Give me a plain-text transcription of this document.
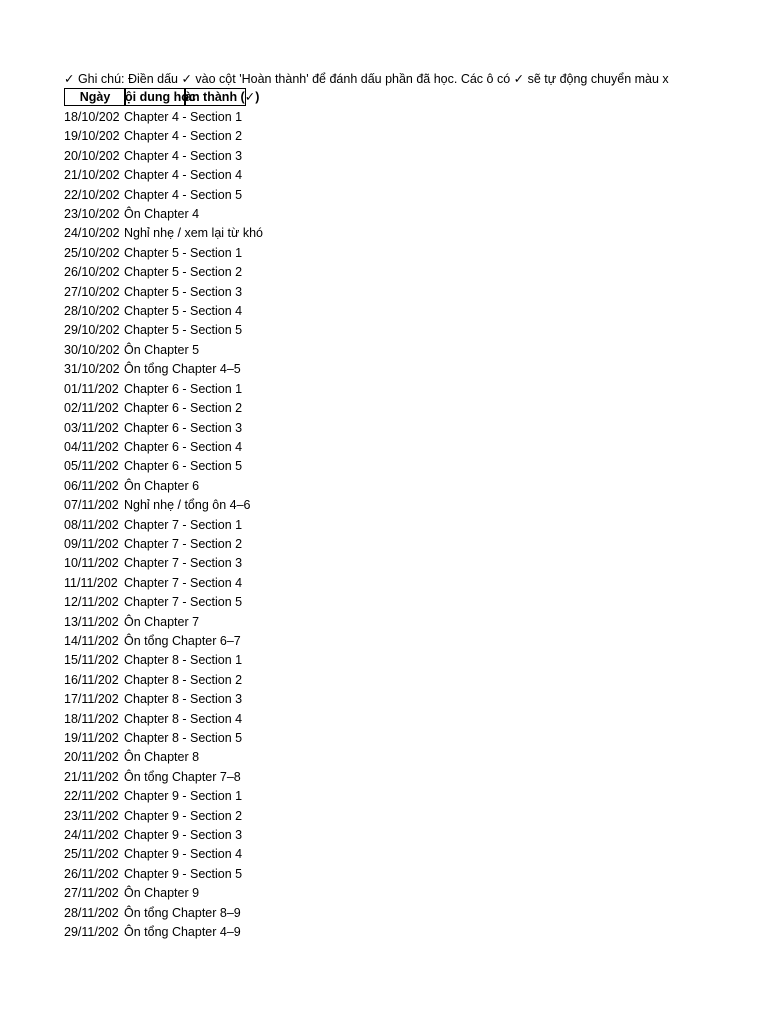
✓ Ghi chú: Điền dấu ✓ vào cột 'Hoàn thành' để đánh dấu phần đã học. Các ô có ✓ sẽ tự động chuyển màu x
Ngày	ội dung học
àn thành (✓)
18/10/202 Chapter 4 - Section 1
19/10/202 Chapter 4 - Section 2
20/10/202 Chapter 4 - Section 3
21/10/202 Chapter 4 - Section 4
22/10/202 Chapter 4 - Section 5
23/10/202 Ôn Chapter 4
24/10/202 Nghỉ nhẹ / xem lại từ khó
25/10/202 Chapter 5 - Section 1
26/10/202 Chapter 5 - Section 2
27/10/202 Chapter 5 - Section 3
28/10/202 Chapter 5 - Section 4
29/10/202 Chapter 5 - Section 5
30/10/202 Ôn Chapter 5
31/10/202 Ôn tổng Chapter 4–5
01/11/202 Chapter 6 - Section 1
02/11/202 Chapter 6 - Section 2
03/11/202 Chapter 6 - Section 3
04/11/202 Chapter 6 - Section 4
05/11/202 Chapter 6 - Section 5
06/11/202 Ôn Chapter 6
07/11/202 Nghỉ nhẹ / tổng ôn 4–6
08/11/202 Chapter 7 - Section 1
09/11/202 Chapter 7 - Section 2
10/11/202 Chapter 7 - Section 3
11/11/202 Chapter 7 - Section 4
12/11/202 Chapter 7 - Section 5
13/11/202 Ôn Chapter 7
14/11/202 Ôn tổng Chapter 6–7
15/11/202 Chapter 8 - Section 1
16/11/202 Chapter 8 - Section 2
17/11/202 Chapter 8 - Section 3
18/11/202 Chapter 8 - Section 4
19/11/202 Chapter 8 - Section 5
20/11/202 Ôn Chapter 8
21/11/202 Ôn tổng Chapter 7–8
22/11/202 Chapter 9 - Section 1
23/11/202 Chapter 9 - Section 2
24/11/202 Chapter 9 - Section 3
25/11/202 Chapter 9 - Section 4
26/11/202 Chapter 9 - Section 5
27/11/202 Ôn Chapter 9
28/11/202 Ôn tổng Chapter 8–9
29/11/202 Ôn tổng Chapter 4–9
